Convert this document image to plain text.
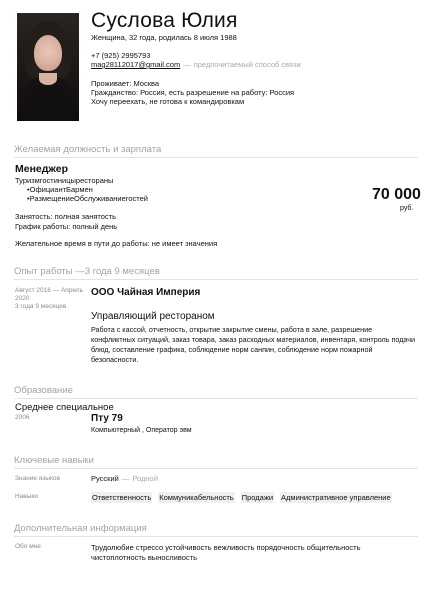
Суслова Юлия
Женщина, 32 года, родилась 8 июля 1988
+7 (925) 2995793
mag28112017@gmail.com — предпочитаемый способ связи
Проживает: Москва
Гражданство: Россия, есть разрешение на работу: Россия
Хочу переехать, не готова к командировкам
Желаемая должность и зарплата
Менеджер
Туризмгостиницырестораны
•ОфициантБармен
•РазмещениеОбслуживаниегостей	70 000
руб.
Занятость: полная занятость
График работы: полный день
Желательное время в пути до работы: не имеет значения
Опыт работы —3 года 9 месяцев
Август 2016 — Апрель 2020
3 года 9 месяцев
ООО Чайная Империя
Управляющий рестораном
Работа с кассой, отчетность, открытие закрытие смены, работа в зале, разрешение конфликтных ситуаций, заказ товара, заказ расходных материалов, инвентаря, контроль подачи блюд, составление графика, соблюдение норм санпин, соблюдение норм пожарной безопасности.
Образование
Среднее специальное
2006	Пту 79
Компьютерный , Оператор эвм
Ключевые навыки
Знание языков	Русский — Родной
Навыки	Ответственность Коммуникабельность Продажи Административное управление
Дополнительная информация
Обо мне	Трудолюбие стрессо устойчивость вежливость порядочность общительность чистоплотность выносливость
